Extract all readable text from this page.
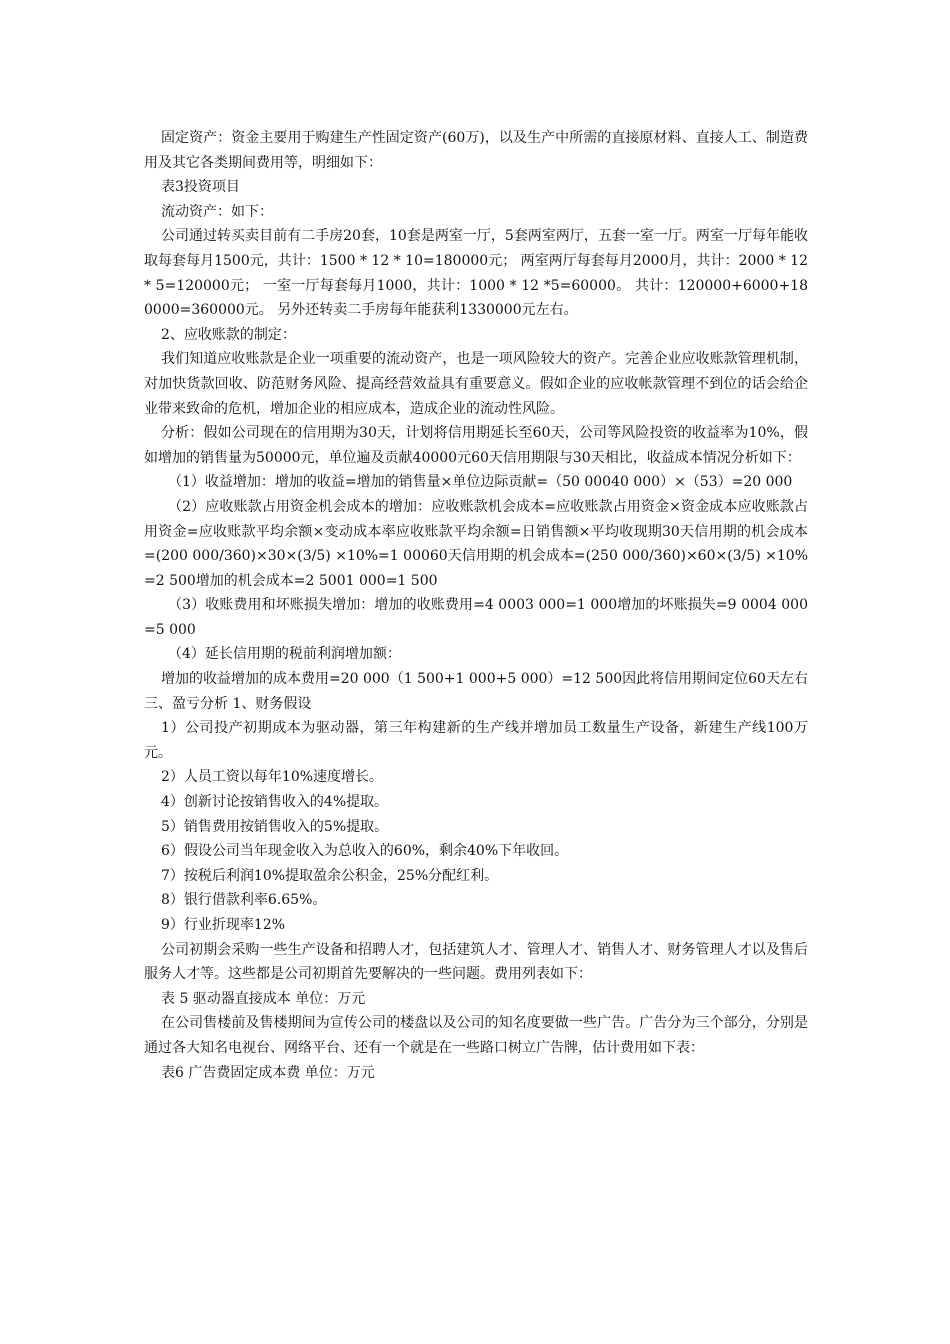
固定资产：资金主要用于购建生产性固定资产(60万)，以及生产中所需的直接原材料、直接人工、制造费用及其它各类期间费用等，明细如下：

表3投资项目

流动资产：如下：

公司通过转买卖目前有二手房20套，10套是两室一厅，5套两室两厅，五套一室一厅。两室一厅每年能收取每套每月1500元，共计：1500 * 12 * 10=180000元； 两室两厅每套每月2000月，共计：2000 * 12 * 5=120000元； 一室一厅每套每月1000，共计：1000 * 12 *5=60000。 共计：120000+6000+180000=360000元。 另外还转卖二手房每年能获利1330000元左右。

2、应收账款的制定：

我们知道应收账款是企业一项重要的流动资产，也是一项风险较大的资产。完善企业应收账款管理机制，对加快货款回收、防范财务风险、提高经营效益具有重要意义。假如企业的应收帐款管理不到位的话会给企业带来致命的危机，增加企业的相应成本，造成企业的流动性风险。

分析：假如公司现在的信用期为30天，计划将信用期延长至60天，公司等风险投资的收益率为10%，假如增加的销售量为50000元，单位遍及贡献40000元60天信用期限与30天相比，收益成本情况分析如下：

（1）收益增加：增加的收益=增加的销售量×单位边际贡献=（50 00040 000）×（53）=20 000

（2）应收账款占用资金机会成本的增加：应收账款机会成本=应收账款占用资金×资金成本应收账款占用资金=应收账款平均余额×变动成本率应收账款平均余额=日销售额×平均收现期30天信用期的机会成本=(200 000/360)×30×(3/5) ×10%=1 00060天信用期的机会成本=(250 000/360)×60×(3/5) ×10%=2 500增加的机会成本=2 5001 000=1 500

（3）收账费用和坏账损失增加：增加的收账费用=4 0003 000=1 000增加的坏账损失=9 0004 000=5 000

（4）延长信用期的税前利润增加额：

增加的收益增加的成本费用=20 000（1 500+1 000+5 000）=12 500因此将信用期间定位60天左右

三、盈亏分析 1、财务假设

1）公司投产初期成本为驱动器，第三年构建新的生产线并增加员工数量生产设备，新建生产线100万元。

2）人员工资以每年10%速度增长。

4）创新讨论按销售收入的4%提取。

5）销售费用按销售收入的5%提取。

6）假设公司当年现金收入为总收入的60%，剩余40%下年收回。

7）按税后利润10%提取盈余公积金，25%分配红利。

8）银行借款利率6.65%。

9）行业折现率12%

公司初期会采购一些生产设备和招聘人才，包括建筑人才、管理人才、销售人才、财务管理人才以及售后服务人才等。这些都是公司初期首先要解决的一些问题。费用列表如下：

表 5 驱动器直接成本 单位：万元

在公司售楼前及售楼期间为宣传公司的楼盘以及公司的知名度要做一些广告。广告分为三个部分，分别是通过各大知名电视台、网络平台、还有一个就是在一些路口树立广告牌，估计费用如下表：

表6 广告费固定成本费 单位：万元
